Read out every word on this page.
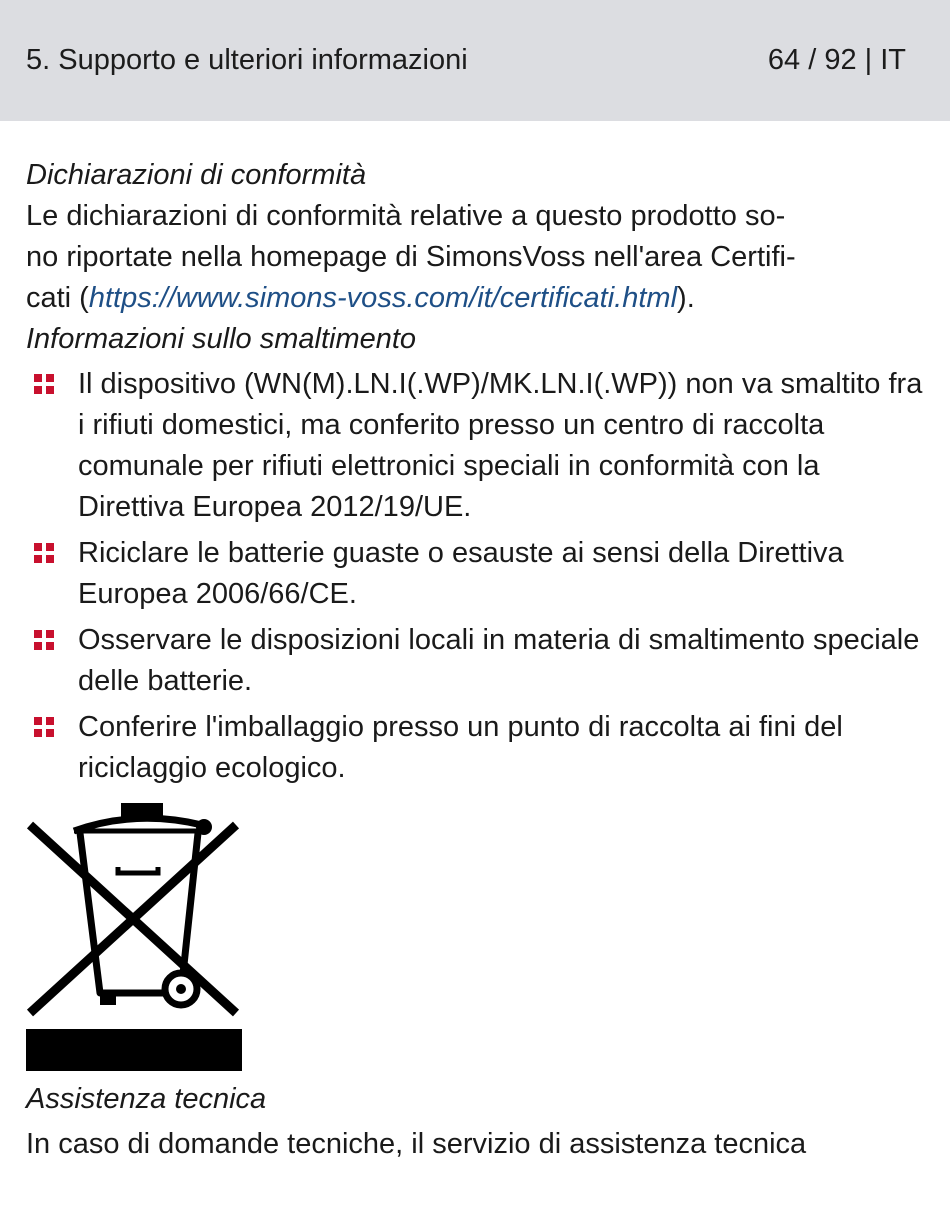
5. Supporto e ulteriori informazioni	64 / 92 | IT

Dichiarazioni di conformità

Le dichiarazioni di conformità relative a questo prodotto so-
no riportate nella homepage di SimonsVoss nell'area Certifi-
cati (https://www.simons-voss.com/it/certificati.html).

Informazioni sullo smaltimento

Il dispositivo (WN(M).LN.I(.WP)/MK.LN.I(.WP)) non va smaltito fra i rifiuti domestici, ma conferito presso un centro di raccolta comunale per rifiuti elettronici speciali in conformità con la Direttiva Europea 2012/19/UE.
Riciclare le batterie guaste o esauste ai sensi della Direttiva Europea 2006/66/CE.
Osservare le disposizioni locali in materia di smaltimento speciale delle batterie.
Conferire l'imballaggio presso un punto di raccolta ai fini del riciclaggio ecologico.

Assistenza tecnica

In caso di domande tecniche, il servizio di assistenza tecnica
